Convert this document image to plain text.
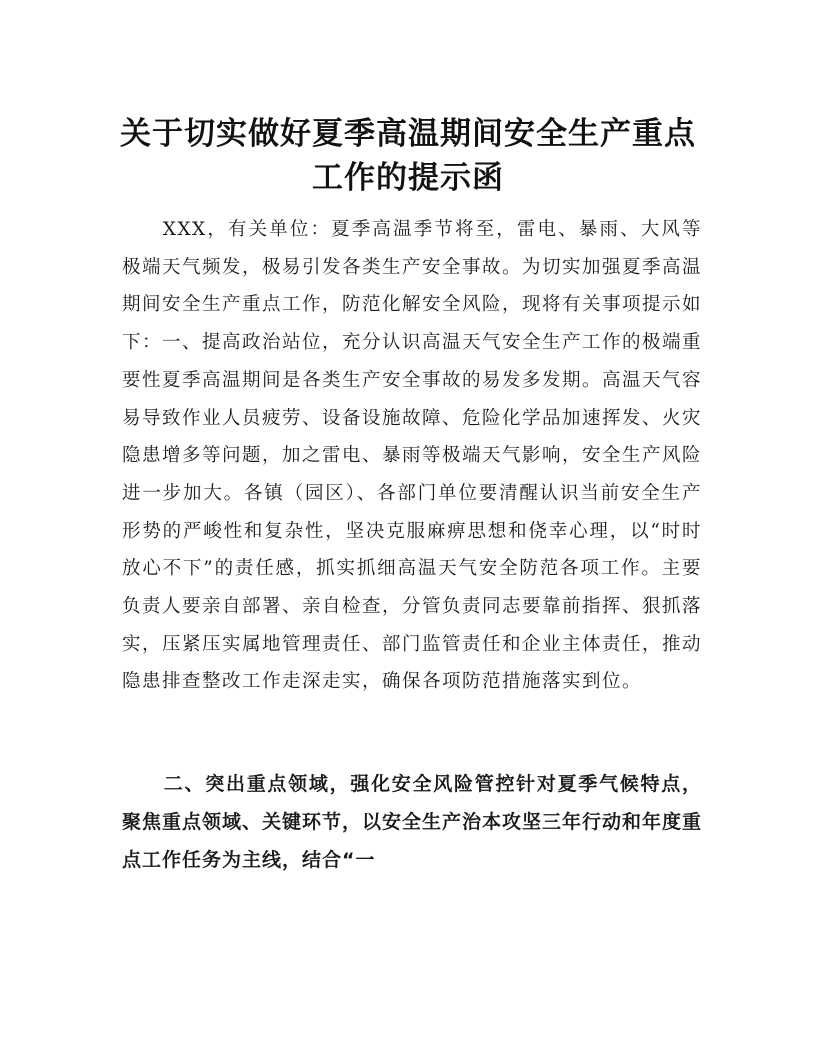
关于切实做好夏季高温期间安全生产重点工作的提示函

XXX，有关单位：夏季高温季节将至，雷电、暴雨、大风等极端天气频发，极易引发各类生产安全事故。为切实加强夏季高温期间安全生产重点工作，防范化解安全风险，现将有关事项提示如下：一、提高政治站位，充分认识高温天气安全生产工作的极端重要性夏季高温期间是各类生产安全事故的易发多发期。高温天气容易导致作业人员疲劳、设备设施故障、危险化学品加速挥发、火灾隐患增多等问题，加之雷电、暴雨等极端天气影响，安全生产风险进一步加大。各镇（园区）、各部门单位要清醒认识当前安全生产形势的严峻性和复杂性，坚决克服麻痹思想和侥幸心理，以“时时放心不下”的责任感，抓实抓细高温天气安全防范各项工作。主要负责人要亲自部署、亲自检查，分管负责同志要靠前指挥、狠抓落实，压紧压实属地管理责任、部门监管责任和企业主体责任，推动隐患排查整改工作走深走实，确保各项防范措施落实到位。

二、突出重点领域，强化安全风险管控针对夏季气候特点，聚焦重点领域、关键环节，以安全生产治本攻坚三年行动和年度重点工作任务为主线，结合“一
